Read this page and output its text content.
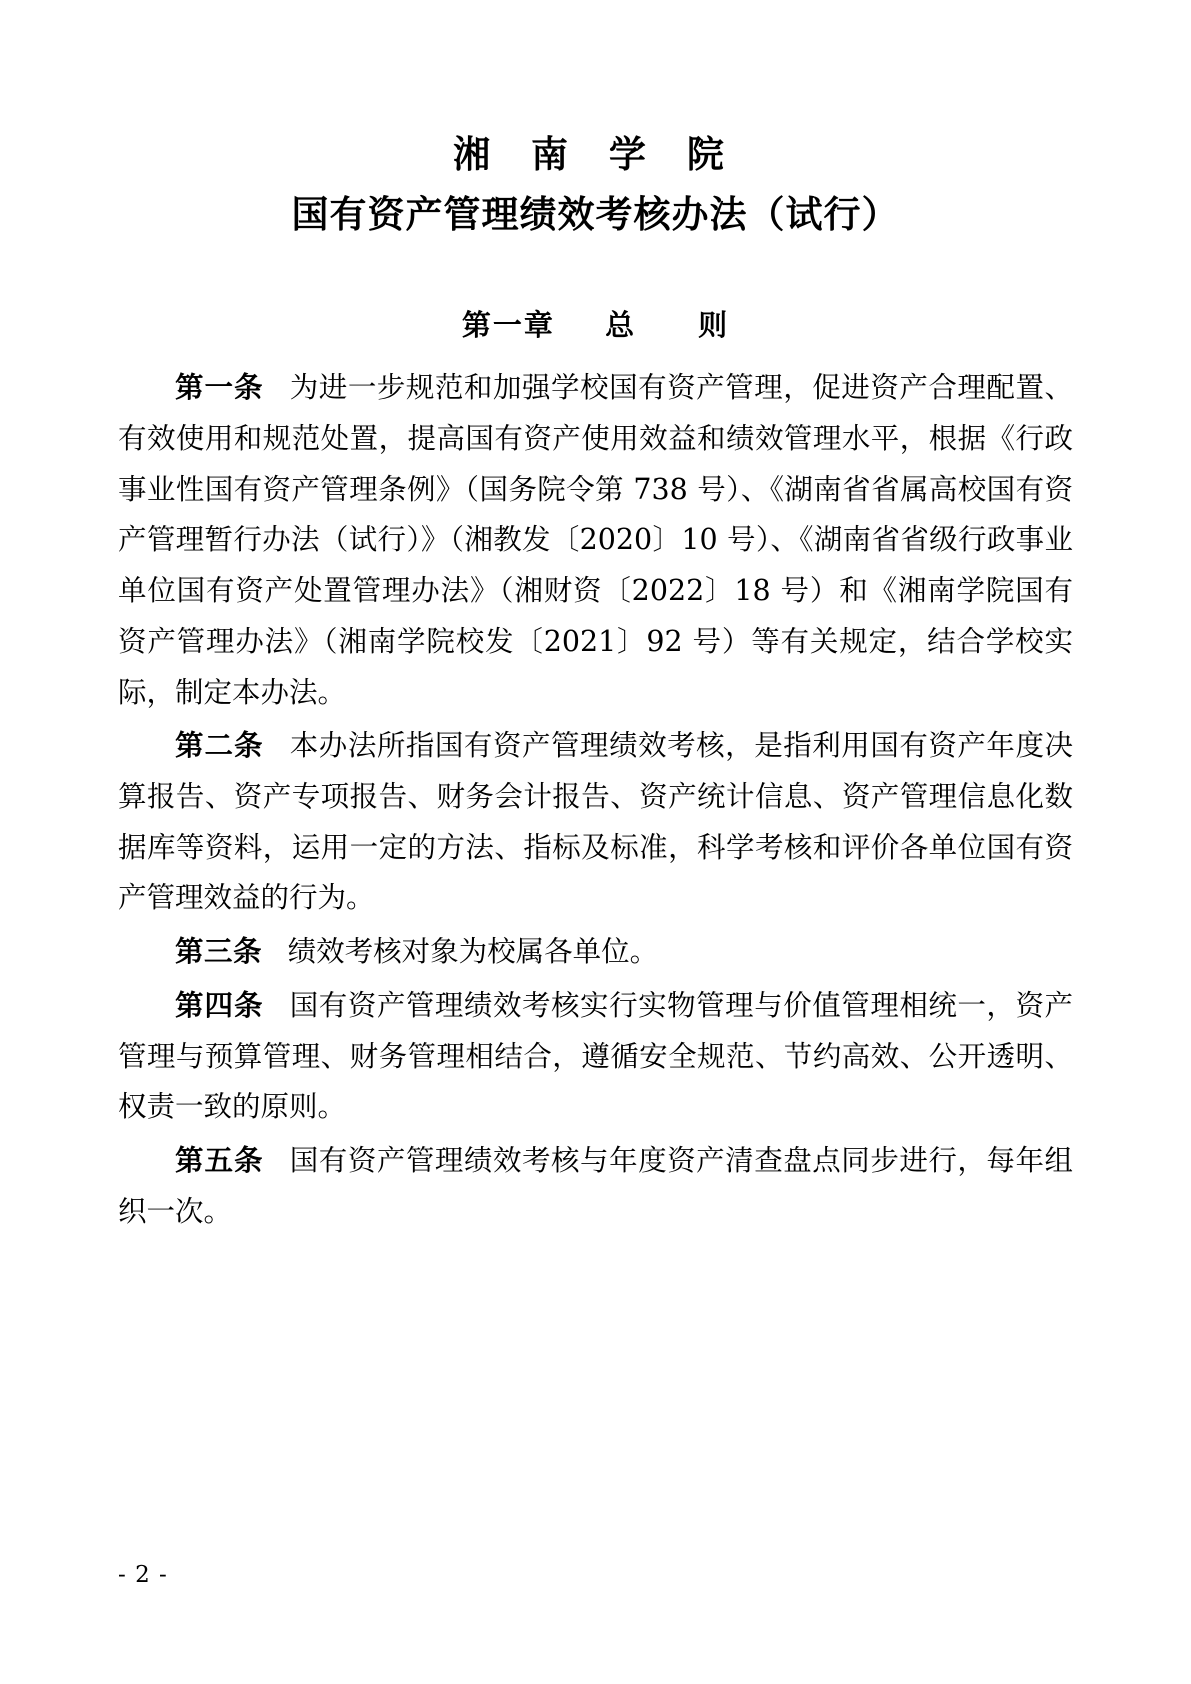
湘 南 学 院
国有资产管理绩效考核办法（试行）
第一章 总　　则

第一条 为进一步规范和加强学校国有资产管理，促进资产合理配置、有效使用和规范处置，提高国有资产使用效益和绩效管理水平，根据《行政事业性国有资产管理条例》（国务院令第 738 号）、《湖南省省属高校国有资产管理暂行办法（试行）》（湘教发〔2020〕10 号）、《湖南省省级行政事业单位国有资产处置管理办法》（湘财资〔2022〕18 号）和《湘南学院国有资产管理办法》（湘南学院校发〔2021〕92 号）等有关规定，结合学校实际，制定本办法。

第二条 本办法所指国有资产管理绩效考核，是指利用国有资产年度决算报告、资产专项报告、财务会计报告、资产统计信息、资产管理信息化数据库等资料，运用一定的方法、指标及标准，科学考核和评价各单位国有资产管理效益的行为。

第三条 绩效考核对象为校属各单位。

第四条 国有资产管理绩效考核实行实物管理与价值管理相统一，资产管理与预算管理、财务管理相结合，遵循安全规范、节约高效、公开透明、权责一致的原则。

第五条 国有资产管理绩效考核与年度资产清查盘点同步进行，每年组织一次。

- 2 -
